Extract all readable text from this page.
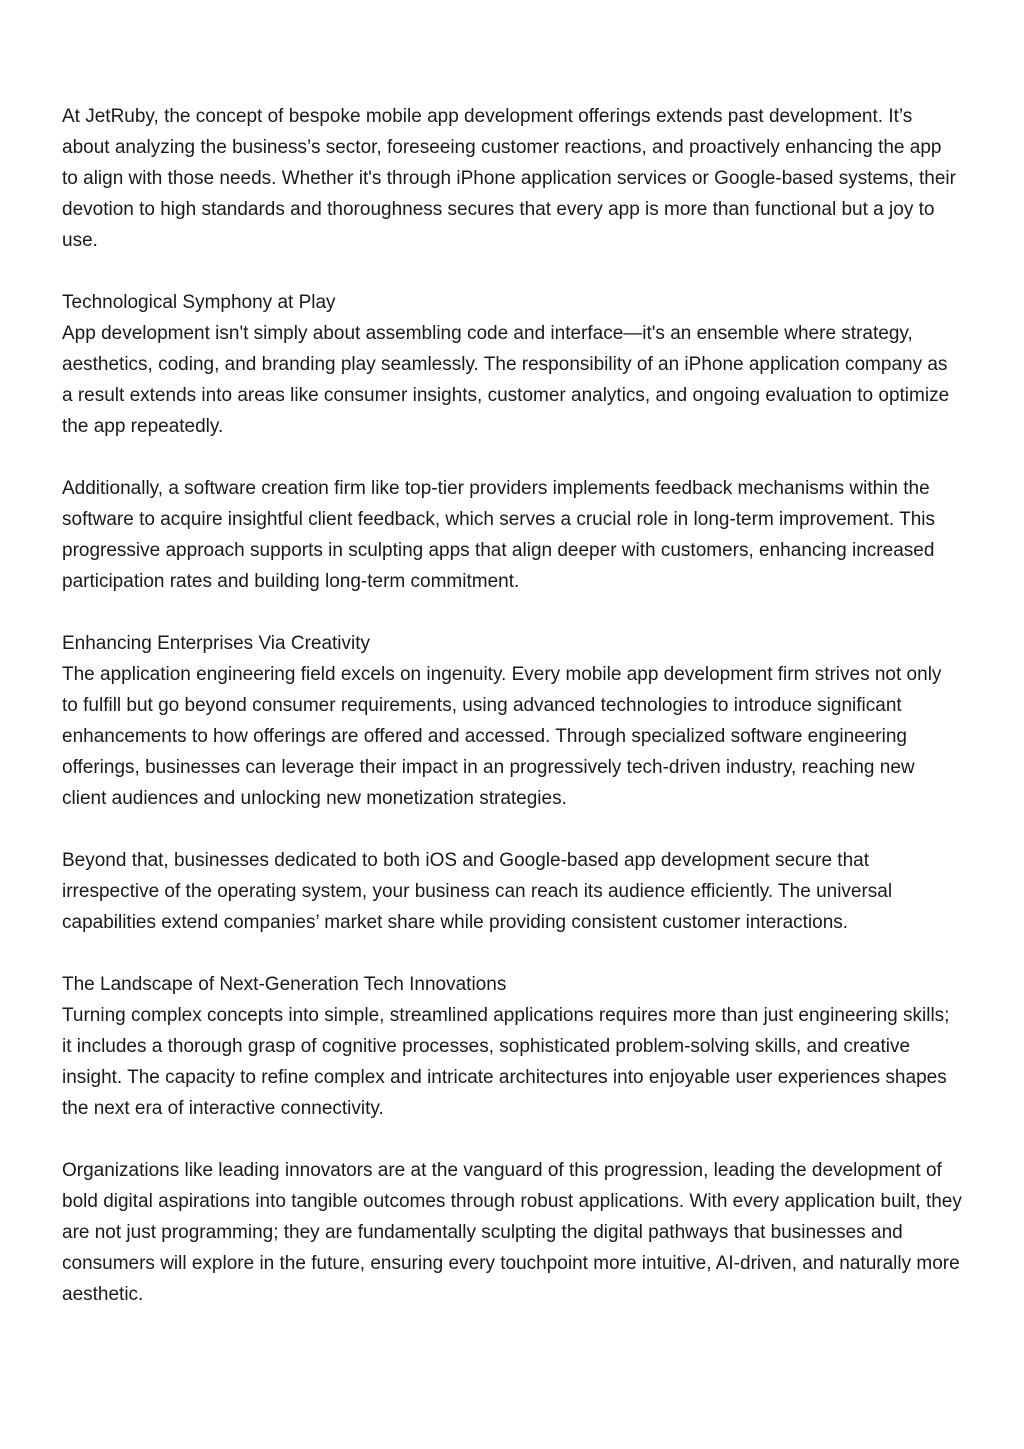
At JetRuby, the concept of bespoke mobile app development offerings extends past development. It’s about analyzing the business’s sector, foreseeing customer reactions, and proactively enhancing the app to align with those needs. Whether it's through iPhone application services or Google-based systems, their devotion to high standards and thoroughness secures that every app is more than functional but a joy to use.
Technological Symphony at Play
App development isn't simply about assembling code and interface—it's an ensemble where strategy, aesthetics, coding, and branding play seamlessly. The responsibility of an iPhone application company as a result extends into areas like consumer insights, customer analytics, and ongoing evaluation to optimize the app repeatedly.
Additionally, a software creation firm like top-tier providers implements feedback mechanisms within the software to acquire insightful client feedback, which serves a crucial role in long-term improvement. This progressive approach supports in sculpting apps that align deeper with customers, enhancing increased participation rates and building long-term commitment.
Enhancing Enterprises Via Creativity
The application engineering field excels on ingenuity. Every mobile app development firm strives not only to fulfill but go beyond consumer requirements, using advanced technologies to introduce significant enhancements to how offerings are offered and accessed. Through specialized software engineering offerings, businesses can leverage their impact in an progressively tech-driven industry, reaching new client audiences and unlocking new monetization strategies.
Beyond that, businesses dedicated to both iOS and Google-based app development secure that irrespective of the operating system, your business can reach its audience efficiently. The universal capabilities extend companies’ market share while providing consistent customer interactions.
The Landscape of Next-Generation Tech Innovations
Turning complex concepts into simple, streamlined applications requires more than just engineering skills; it includes a thorough grasp of cognitive processes, sophisticated problem-solving skills, and creative insight. The capacity to refine complex and intricate architectures into enjoyable user experiences shapes the next era of interactive connectivity.
Organizations like leading innovators are at the vanguard of this progression, leading the development of bold digital aspirations into tangible outcomes through robust applications. With every application built, they are not just programming; they are fundamentally sculpting the digital pathways that businesses and consumers will explore in the future, ensuring every touchpoint more intuitive, AI-driven, and naturally more aesthetic.
